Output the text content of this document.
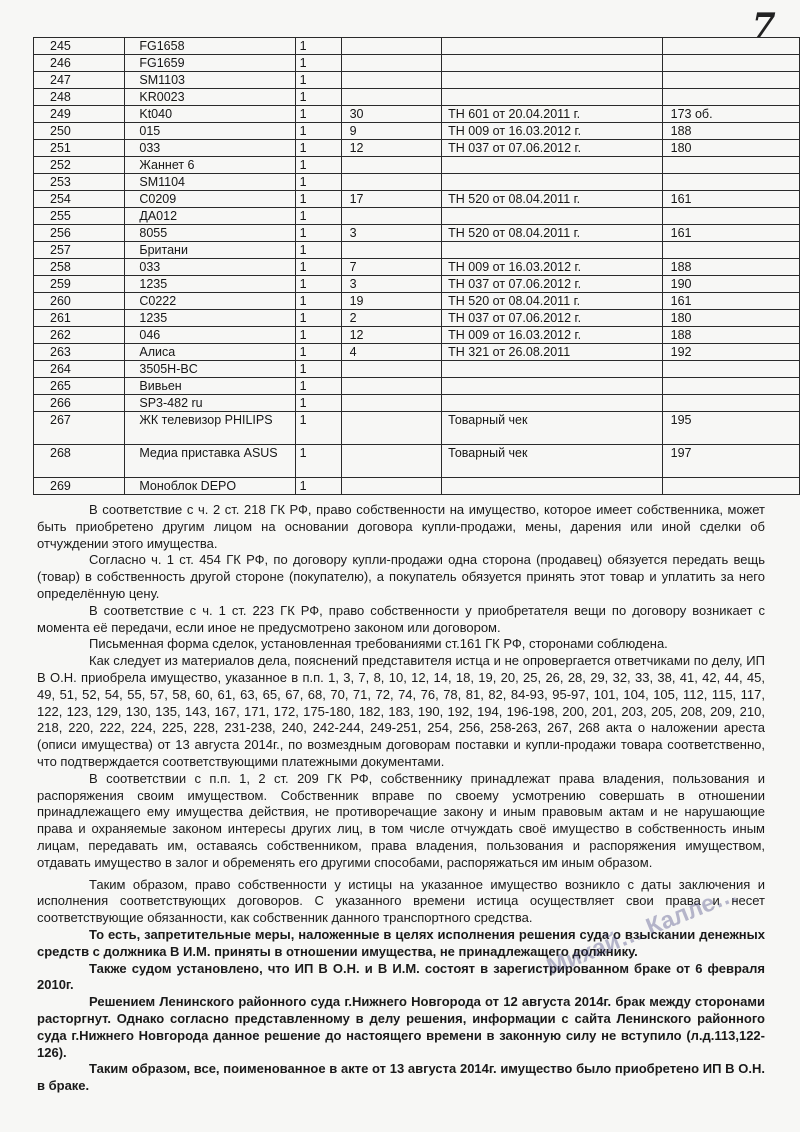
7
245	FG1658	1			
246	FG1659	1			
247	SM1103	1			
248	KR0023	1			
249	Kt040	1	30	ТН 601 от 20.04.2011 г.	173 об.
250	015	1	9	ТН 009 от 16.03.2012 г.	188
251	033	1	12	ТН 037 от 07.06.2012 г.	180
252	Жаннет 6	1			
253	SM1104	1			
254	C0209	1	17	ТН 520 от 08.04.2011 г.	161
255	ДА012	1			
256	8055	1	3	ТН 520 от 08.04.2011 г.	161
257	Британи	1			
258	033	1	7	ТН 009 от 16.03.2012 г.	188
259	1235	1	3	ТН 037 от 07.06.2012 г.	190
260	C0222	1	19	ТН 520 от 08.04.2011 г.	161
261	1235	1	2	ТН 037 от 07.06.2012 г.	180
262	046	1	12	ТН 009 от 16.03.2012 г.	188
263	Алиса	1	4	ТН 321 от 26.08.2011	192
264	3505H-BC	1			
265	Вивьен	1			
266	SP3-482 ru	1			
267	ЖК телевизор PHILIPS	1		Товарный чек	195
268	Медиа приставка ASUS	1		Товарный чек	197
269	Моноблок DEPO	1			

В соответствие с ч. 2 ст. 218 ГК РФ, право собственности на имущество, которое имеет собственника, может быть приобретено другим лицом на основании договора купли-продажи, мены, дарения или иной сделки об отчуждении этого имущества.

Согласно ч. 1 ст. 454 ГК РФ, по договору купли-продажи одна сторона (продавец) обязуется передать вещь (товар) в собственность другой стороне (покупателю), а покупатель обязуется принять этот товар и уплатить за него определённую цену.

В соответствие с ч. 1 ст. 223 ГК РФ, право собственности у приобретателя вещи по договору возникает с момента её передачи, если иное не предусмотрено законом или договором.

Письменная форма сделок, установленная требованиями ст.161 ГК РФ, сторонами соблюдена.

Как следует из материалов дела, пояснений представителя истца и не опровергается ответчиками по делу, ИП В О.Н. приобрела имущество, указанное в п.п. 1, 3, 7, 8, 10, 12, 14, 18, 19, 20, 25, 26, 28, 29, 32, 33, 38, 41, 42, 44, 45, 49, 51, 52, 54, 55, 57, 58, 60, 61, 63, 65, 67, 68, 70, 71, 72, 74, 76, 78, 81, 82, 84-93, 95-97, 101, 104, 105, 112, 115, 117, 122, 123, 129, 130, 135, 143, 167, 171, 172, 175-180, 182, 183, 190, 192, 194, 196-198, 200, 201, 203, 205, 208, 209, 210, 218, 220, 222, 224, 225, 228, 231-238, 240, 242-244, 249-251, 254, 256, 258-263, 267, 268 акта о наложении ареста (описи имущества) от 13 августа 2014г., по возмездным договорам поставки и купли-продажи товара соответственно, что подтверждается соответствующими платежными документами.

В соответствии с п.п. 1, 2 ст. 209 ГК РФ, собственнику принадлежат права владения, пользования и распоряжения своим имуществом. Собственник вправе по своему усмотрению совершать в отношении принадлежащего ему имущества действия, не противоречащие закону и иным правовым актам и не нарушающие права и охраняемые законом интересы других лиц, в том числе отчуждать своё имущество в собственность иным лицам, передавать им, оставаясь собственником, права владения, пользования и распоряжения имуществом, отдавать имущество в залог и обременять его другими способами, распоряжаться им иным образом.

Таким образом, право собственности у истицы на указанное имущество возникло с даты заключения и исполнения соответствующих договоров. С указанного времени истица осуществляет свои права и несет соответствующие обязанности, как собственник данного транспортного средства.

То есть, запретительные меры, наложенные в целях исполнения решения суда о взыскании денежных средств с должника В И.М. приняты в отношении имущества, не принадлежащего должнику.

Также судом установлено, что ИП В О.Н. и В И.М. состоят в зарегистрированном браке от 6 февраля 2010г.

Решением Ленинского районного суда г.Нижнего Новгорода от 12 августа 2014г. брак между сторонами расторгнут. Однако согласно представленному в делу решения, информации с сайта Ленинского районного суда г.Нижнего Новгорода данное решение до настоящего времени в законную силу не вступило (л.д.113,122-126).

Таким образом, все, поименованное в акте от 13 августа 2014г. имущество было приобретено ИП В О.Н. в браке.

Михай… Калле…
